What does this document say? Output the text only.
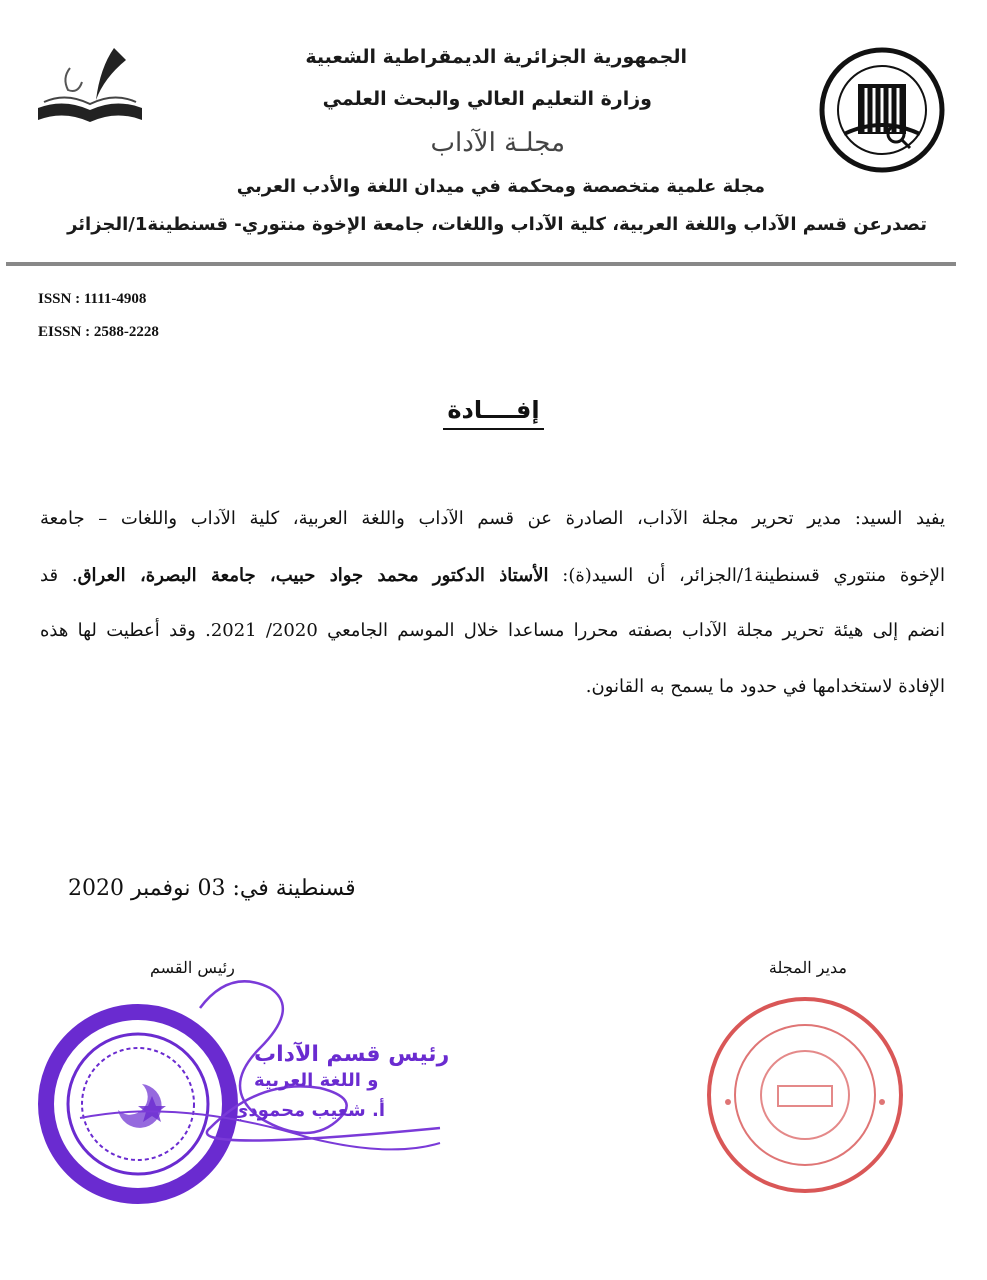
الجمهورية الجزائرية الديمقراطية الشعبية
وزارة التعليم العالي والبحث العلمي
مجلـة الآداب
مجلة علمية متخصصة ومحكمة في ميدان اللغة والأدب العربي
تصدرعن قسم الآداب واللغة العربية، كلية الآداب واللغات، جامعة الإخوة منتوري- قسنطينة1/الجزائر
ISSN : 1111-4908
EISSN : 2588-2228
إفــــادة
يفيد السيد: مدير تحرير مجلة الآداب، الصادرة عن قسم الآداب واللغة العربية، كلية الآداب واللغات – جامعة
الإخوة منتوري قسنطينة1/الجزائر، أن السيد(ة): الأستاذ الدكتور محمد جواد حبيب، جامعة البصرة، العراق. قد
انضم إلى هيئة تحرير مجلة الآداب بصفته محررا مساعدا خلال الموسم الجامعي 2020/ 2021. وقد أعطيت لها هذه
الإفادة لاستخدامها في حدود ما يسمح به القانون.
قسنطينة في: 03 نوفمبر 2020
رئيس القسم	مدير المجلة
رئيس قسم الآداب
و اللغة العربية
أ. شعيب محمودي
